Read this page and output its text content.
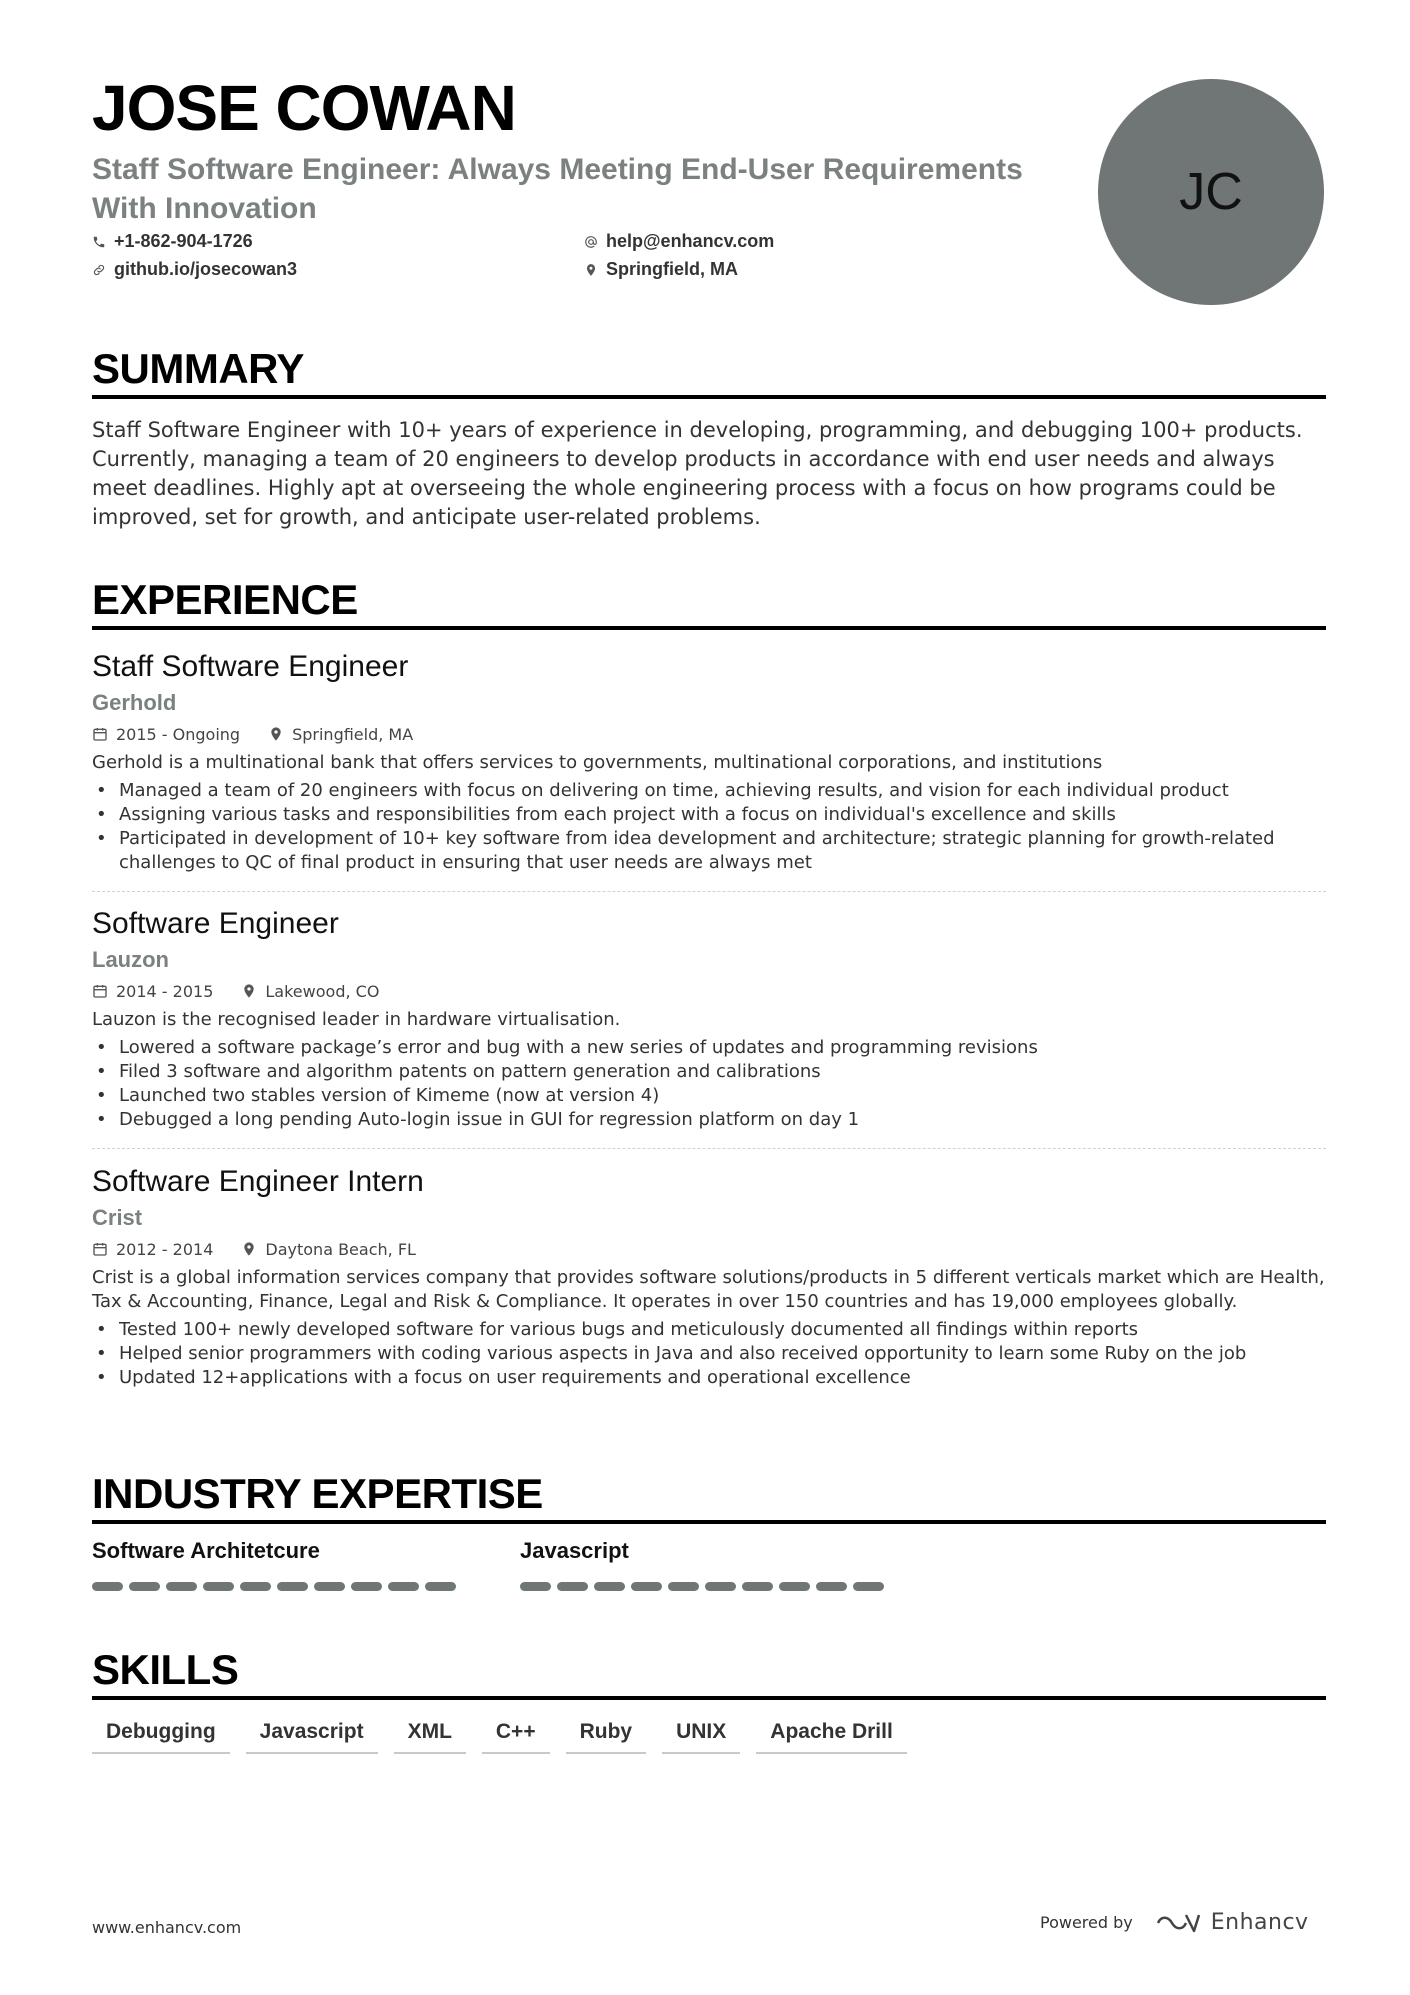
JOSE COWAN
Staff Software Engineer: Always Meeting End-User Requirements With Innovation
+1-862-904-1726	help@enhancv.com
github.io/josecowan3	Springfield, MA
JC
SUMMARY
Staff Software Engineer with 10+ years of experience in developing, programming, and debugging 100+ products. Currently, managing a team of 20 engineers to develop products in accordance with end user needs and always meet deadlines. Highly apt at overseeing the whole engineering process with a focus on how programs could be improved, set for growth, and anticipate user-related problems.
EXPERIENCE
Staff Software Engineer
Gerhold
2015 - Ongoing	Springfield, MA
Gerhold is a multinational bank that offers services to governments, multinational corporations, and institutions
• Managed a team of 20 engineers with focus on delivering on time, achieving results, and vision for each individual product
• Assigning various tasks and responsibilities from each project with a focus on individual's excellence and skills
• Participated in development of 10+ key software from idea development and architecture; strategic planning for growth-related challenges to QC of final product in ensuring that user needs are always met
Software Engineer
Lauzon
2014 - 2015	Lakewood, CO
Lauzon is the recognised leader in hardware virtualisation.
• Lowered a software package’s error and bug with a new series of updates and programming revisions
• Filed 3 software and algorithm patents on pattern generation and calibrations
• Launched two stables version of Kimeme (now at version 4)
• Debugged a long pending Auto-login issue in GUI for regression platform on day 1
Software Engineer Intern
Crist
2012 - 2014	Daytona Beach, FL
Crist is a global information services company that provides software solutions/products in 5 different verticals market which are Health, Tax & Accounting, Finance, Legal and Risk & Compliance. It operates in over 150 countries and has 19,000 employees globally.
• Tested 100+ newly developed software for various bugs and meticulously documented all findings within reports
• Helped senior programmers with coding various aspects in Java and also received opportunity to learn some Ruby on the job
• Updated 12+applications with a focus on user requirements and operational excellence
INDUSTRY EXPERTISE
Software Architetcure	Javascript
SKILLS
Debugging	Javascript	XML	C++	Ruby	UNIX	Apache Drill
www.enhancv.com	Powered by	Enhancv
